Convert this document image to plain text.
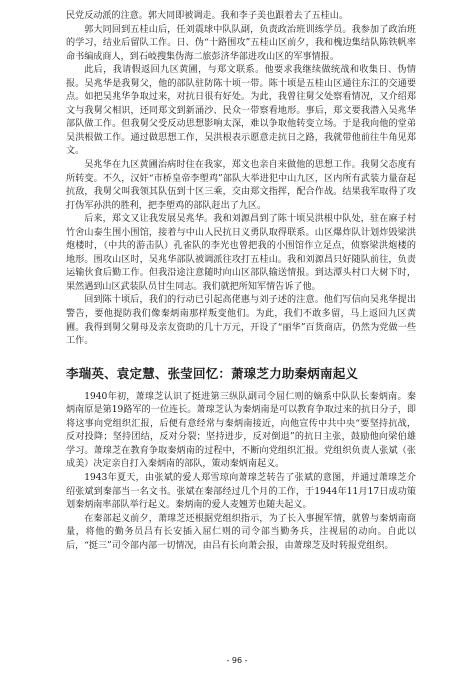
民党反动派的注意。郭大同即被调走。我和李子美也跟着去了五桂山。

郭大同回到五桂山后，任刘震球中队队副，负责政治班训练学员。我参加了政治班的学习，结业后留队工作。日、伪“十路围攻”五桂山区前夕，我和槐边集结队陈铁帆率命书编成商人，到石岐搜集伪海二旅彭济华部进攻山区的军事情报。

此后，我请假返回九区黄圃，与郑文联系。他要求我继续做统战和收集日、伪情报。吴兆华是我舅父，他的部队驻防陈十顷一带。陈十顷是五桂山区通往东江的交通要点。如把吴兆华争取过来，对抗日很有好处。为此，我曾往舅父处察看情况，又介绍郑文与我舅父相识，还同郑文到新涌沙、民众一带察看地形。事后，郑文要我潜入吴兆华部队做工作。但我舅父受反动思想影响太深，难以争取他转变立场。于是我向他的堂弟吴洪根做工作。通过做思想工作，吴洪根表示愿意走抗日之路，我就带他前往牛角见郑文。

吴兆华在九区黄圃治病时住在我家，郑文也亲自来做他的思想工作。我舅父态度有所转变。不久，汉奸“市桥皇帝李塱鸡”部队大举进犯中山九区，区内所有武装力量奋起抗敌，我舅父叫我领其队伍到十区三乘，交由郑文指挥，配合作战。结果我军取得了攻打伪军孙洪的胜利，把李塱鸡的部队赶出了九区。

后来，郑文又让我发展吴兆华。我和刘源昌到了陈十顷吴洪根中队处，驻在麻子村竹舍山泰生围小围馆，接着与中山人民抗日义勇队取得联系。山区爆炸队计划炸毁梁洪炮楼时，（中共的游击队）孔雀队的李光也曾把我的小围馆作立足点，侦察梁洪炮楼的地形。围攻山区时，吴兆华部队被调派往攻打五桂山。我和刘源昌只好随队前往，负责运输伙食后勤工作。但我沿途注意随时向山区部队输送情报。到达潭头村口大树下时，果然遇到山区武装队员甘生同志。我们就把所知军情告诉了他。

回到陈十顷后，我们的行动已引起高佬惠与刘子述的注意。他们写信向吴兆华提出警告，要他提防我们像秦炳南那样叛变他们。为此，我们不敢多留，马上返回九区黄圃。我得到舅父舅母及亲友资助的几十万元，开设了“丽华”百货商店，仍然为党做一些工作。

李瑞英、袁定慧、张莹回忆：萧瑔芝力助秦炳南起义

1940年初，萧瑔芝认识了挺进第三纵队副司令屈仁则的嫡系中队队长秦炳南。秦炳南原是第19路军的一位连长。萧瑔芝认为秦炳南是可以教育争取过来的抗日分子，即将这事向党组织汇报，后便有意经常与秦炳南接近，向他宣传中共中央“要坚持抗战，反对投降；坚持团结，反对分裂；坚持进步，反对倒退”的抗日主张，鼓励他向梁伯雄学习。萧瑔芝在教育争取秦炳南的过程中，不断向党组织汇报。党组织负责人张斌（张成美）决定亲自打入秦炳南的部队，策动秦炳南起义。

1943年夏天，由张斌的爱人郑雪琼向萧瑔芝转告了张斌的意图，并通过萧瑔芝介绍张斌到秦部当一名文书。张斌在秦部经过几个月的工作，于1944年11月17日成功策划秦炳南率部队举行起义。秦炳南的爱人麦翘芳也随夫起义。

在秦部起义前夕，萧瑔芝还根据党组织指示，为了长入事握军情，就曾与秦炳南商量，将他的勤务员吕有长安插入屈仁则的司令部当勤务兵，注视屈的动向。自此以后，“挺三”司令部内部一切情况，由吕有长向萧会报，由萧瑔芝及时转报党组织。

- 96 -
